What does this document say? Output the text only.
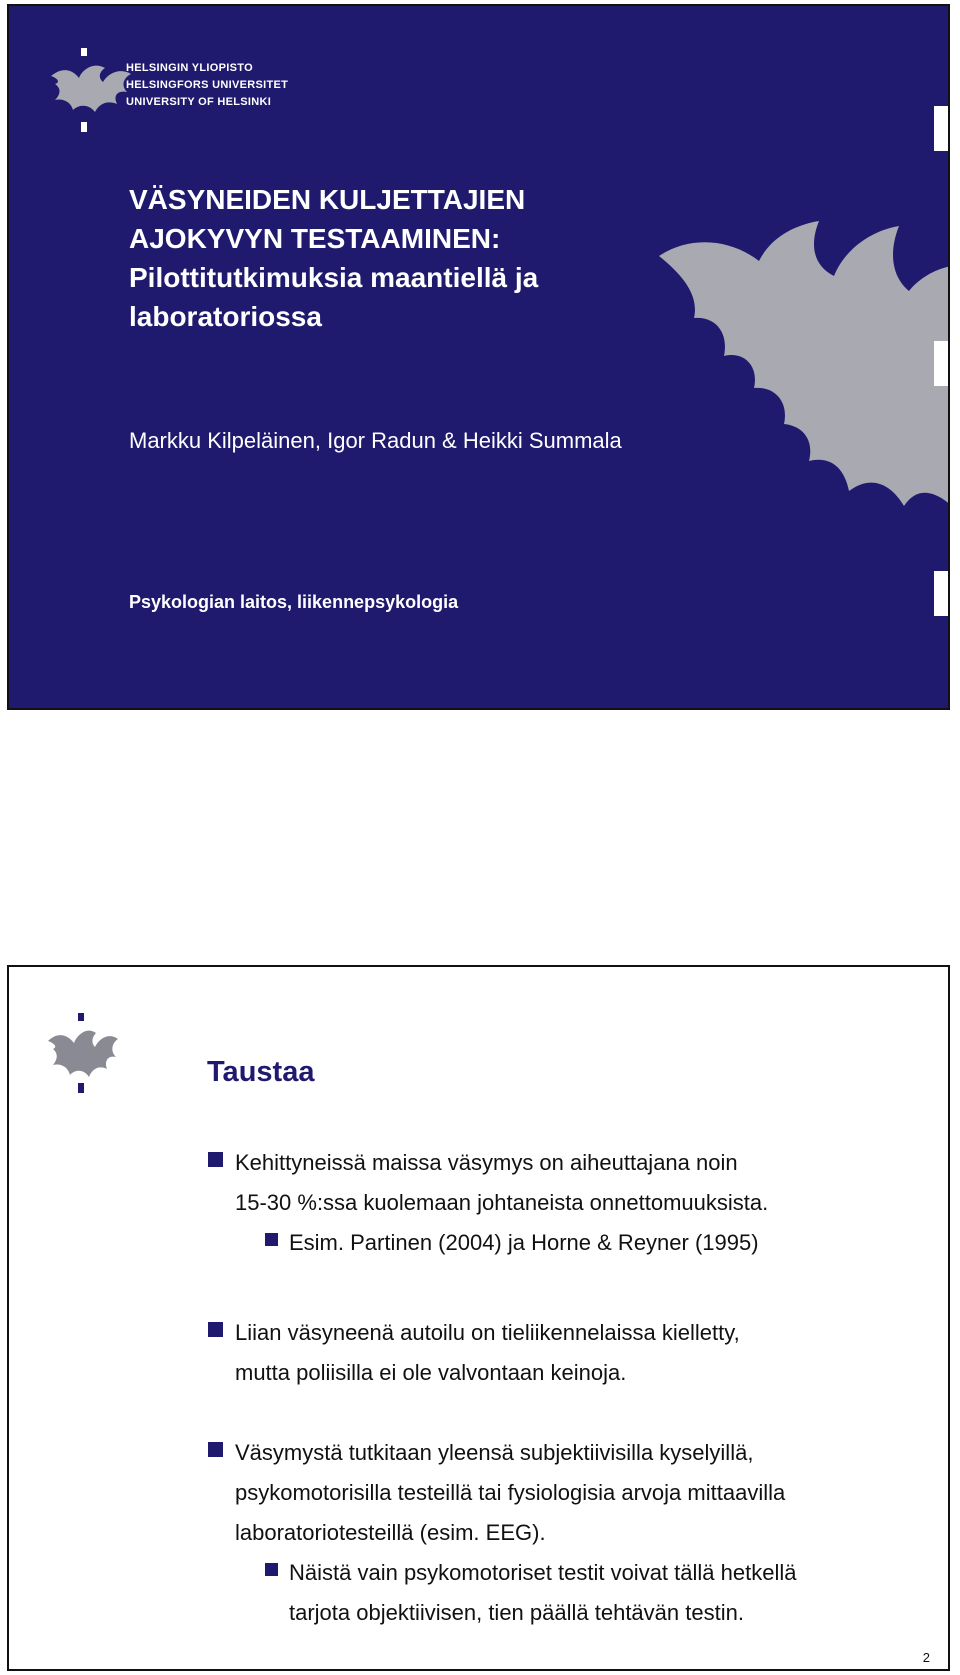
HELSINGIN YLIOPISTO
HELSINGFORS UNIVERSITET
UNIVERSITY OF HELSINKI
VÄSYNEIDEN KULJETTAJIEN
AJOKYVYN TESTAAMINEN:
Pilottitutkimuksia maantiellä ja
laboratoriossa
Markku Kilpeläinen, Igor Radun & Heikki Summala
Psykologian laitos, liikennepsykologia
Taustaa
Kehittyneissä maissa väsymys on aiheuttajana noin
15-30 %:ssa kuolemaan johtaneista onnettomuuksista.
Esim. Partinen (2004) ja Horne & Reyner (1995)
Liian väsyneenä autoilu on tieliikennelaissa kielletty,
mutta poliisilla ei ole valvontaan keinoja.
Väsymystä tutkitaan yleensä subjektiivisilla kyselyillä,
psykomotorisilla testeillä tai fysiologisia arvoja mittaavilla
laboratoriotesteillä (esim. EEG).
Näistä vain psykomotoriset testit voivat tällä hetkellä
tarjota objektiivisen, tien päällä tehtävän testin.
2
